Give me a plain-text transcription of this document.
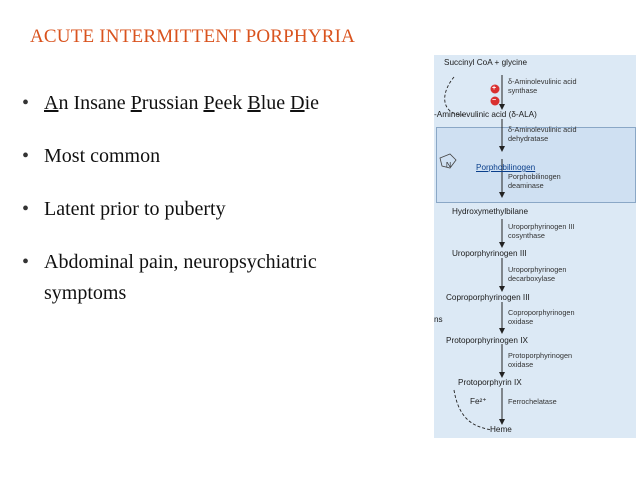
ACUTE INTERMITTENT PORPHYRIA
• An Insane Prussian Peek Blue Die
• Most common
• Latent prior to puberty
• Abdominal pain, neuropsychiatric symptoms
Succinyl CoA + glycine
+
−
δ-Aminolevulinic acid
synthase
-Aminolevulinic acid (δ-ALA)
δ-Aminolevulinic acid
dehydratase
N	Porphobilinogen
Porphobilinogen
deaminase
Hydroxymethylbilane
Uroporphyrinogen III
cosynthase
Uroporphyrinogen III
Uroporphyrinogen
decarboxylase
Coproporphyrinogen III
ns
Coproporphyrinogen
oxidase
Protoporphyrinogen IX
Protoporphyrinogen
oxidase
Protoporphyrin IX
Fe²⁺	Ferrochelatase
Heme
